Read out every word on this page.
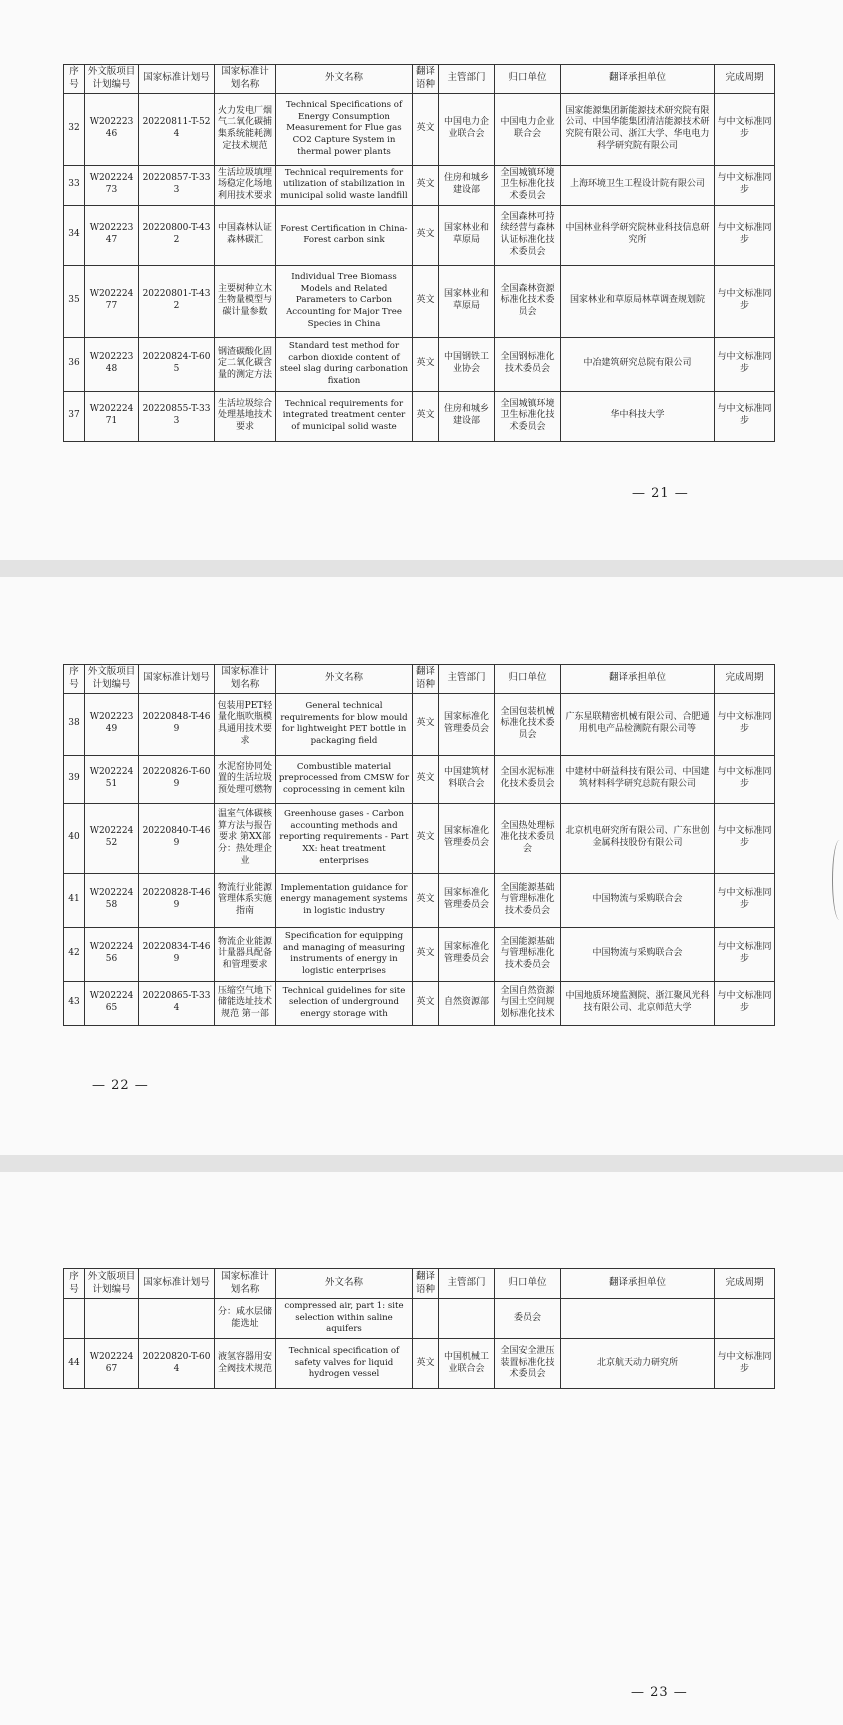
序号	外文版项目计划编号	国家标准计划号	国家标准计划名称	外文名称	翻译语种	主管部门	归口单位	翻译承担单位	完成周期
32	W20222346	20220811-T-524	火力发电厂烟气二氧化碳捕集系统能耗测定技术规范	Technical Specifications of Energy Consumption Measurement for Flue gas CO2 Capture System in thermal power plants	英文	中国电力企业联合会	中国电力企业联合会	国家能源集团新能源技术研究院有限公司、中国华能集团清洁能源技术研究院有限公司、浙江大学、华电电力科学研究院有限公司	与中文标准同步
33	W20222473	20220857-T-333	生活垃圾填埋场稳定化场地利用技术要求	Technical requirements for utilization of stabilization in municipal solid waste landfill	英文	住房和城乡建设部	全国城镇环境卫生标准化技术委员会	上海环境卫生工程设计院有限公司	与中文标准同步
34	W20222347	20220800-T-432	中国森林认证 森林碳汇	Forest Certification in China-Forest carbon sink	英文	国家林业和草原局	全国森林可持续经营与森林认证标准化技术委员会	中国林业科学研究院林业科技信息研究所	与中文标准同步
35	W20222477	20220801-T-432	主要树种立木生物量模型与碳计量参数	Individual Tree Biomass Models and Related Parameters to Carbon Accounting for Major Tree Species in China	英文	国家林业和草原局	全国森林资源标准化技术委员会	国家林业和草原局林草调查规划院	与中文标准同步
36	W20222348	20220824-T-605	钢渣碳酸化固定二氧化碳含量的测定方法	Standard test method for carbon dioxide content of steel slag during carbonation fixation	英文	中国钢铁工业协会	全国钢标准化技术委员会	中冶建筑研究总院有限公司	与中文标准同步
37	W20222471	20220855-T-333	生活垃圾综合处理基地技术要求	Technical requirements for integrated treatment center of municipal solid waste	英文	住房和城乡建设部	全国城镇环境卫生标准化技术委员会	华中科技大学	与中文标准同步
— 21 —
序号	外文版项目计划编号	国家标准计划号	国家标准计划名称	外文名称	翻译语种	主管部门	归口单位	翻译承担单位	完成周期
38	W20222349	20220848-T-469	包装用PET轻量化瓶吹瓶模具通用技术要求	General technical requirements for blow mould for lightweight PET bottle in packaging field	英文	国家标准化管理委员会	全国包装机械标准化技术委员会	广东星联精密机械有限公司、合肥通用机电产品检测院有限公司等	与中文标准同步
39	W20222451	20220826-T-609	水泥窑协同处置的生活垃圾预处理可燃物	Combustible material preprocessed from CMSW for coprocessing in cement kiln	英文	中国建筑材料联合会	全国水泥标准化技术委员会	中建材中研益科技有限公司、中国建筑材料科学研究总院有限公司	与中文标准同步
40	W20222452	20220840-T-469	温室气体碳核算方法与报告要求 第XX部分：热处理企业	Greenhouse gases - Carbon accounting methods and reporting requirements - Part XX: heat treatment enterprises	英文	国家标准化管理委员会	全国热处理标准化技术委员会	北京机电研究所有限公司、广东世创金属科技股份有限公司	与中文标准同步
41	W20222458	20220828-T-469	物流行业能源管理体系实施指南	Implementation guidance for energy management systems in logistic industry	英文	国家标准化管理委员会	全国能源基础与管理标准化技术委员会	中国物流与采购联合会	与中文标准同步
42	W20222456	20220834-T-469	物流企业能源计量器具配备和管理要求	Specification for equipping and managing of measuring instruments of energy in logistic enterprises	英文	国家标准化管理委员会	全国能源基础与管理标准化技术委员会	中国物流与采购联合会	与中文标准同步
43	W20222465	20220865-T-334	压缩空气地下储能选址技术规范 第一部	Technical guidelines for site selection of underground energy storage with	英文	自然资源部	全国自然资源与国土空间规划标准化技术	中国地质环境监测院、浙江聚风光科技有限公司、北京师范大学	与中文标准同步
— 22 —
序号	外文版项目计划编号	国家标准计划号	国家标准计划名称	外文名称	翻译语种	主管部门	归口单位	翻译承担单位	完成周期
			分：咸水层储能选址	compressed air, part 1: site selection within saline aquifers			委员会		
44	W20222467	20220820-T-604	液氢容器用安全阀技术规范	Technical specification of safety valves for liquid hydrogen vessel	英文	中国机械工业联合会	全国安全泄压装置标准化技术委员会	北京航天动力研究所	与中文标准同步
— 23 —
